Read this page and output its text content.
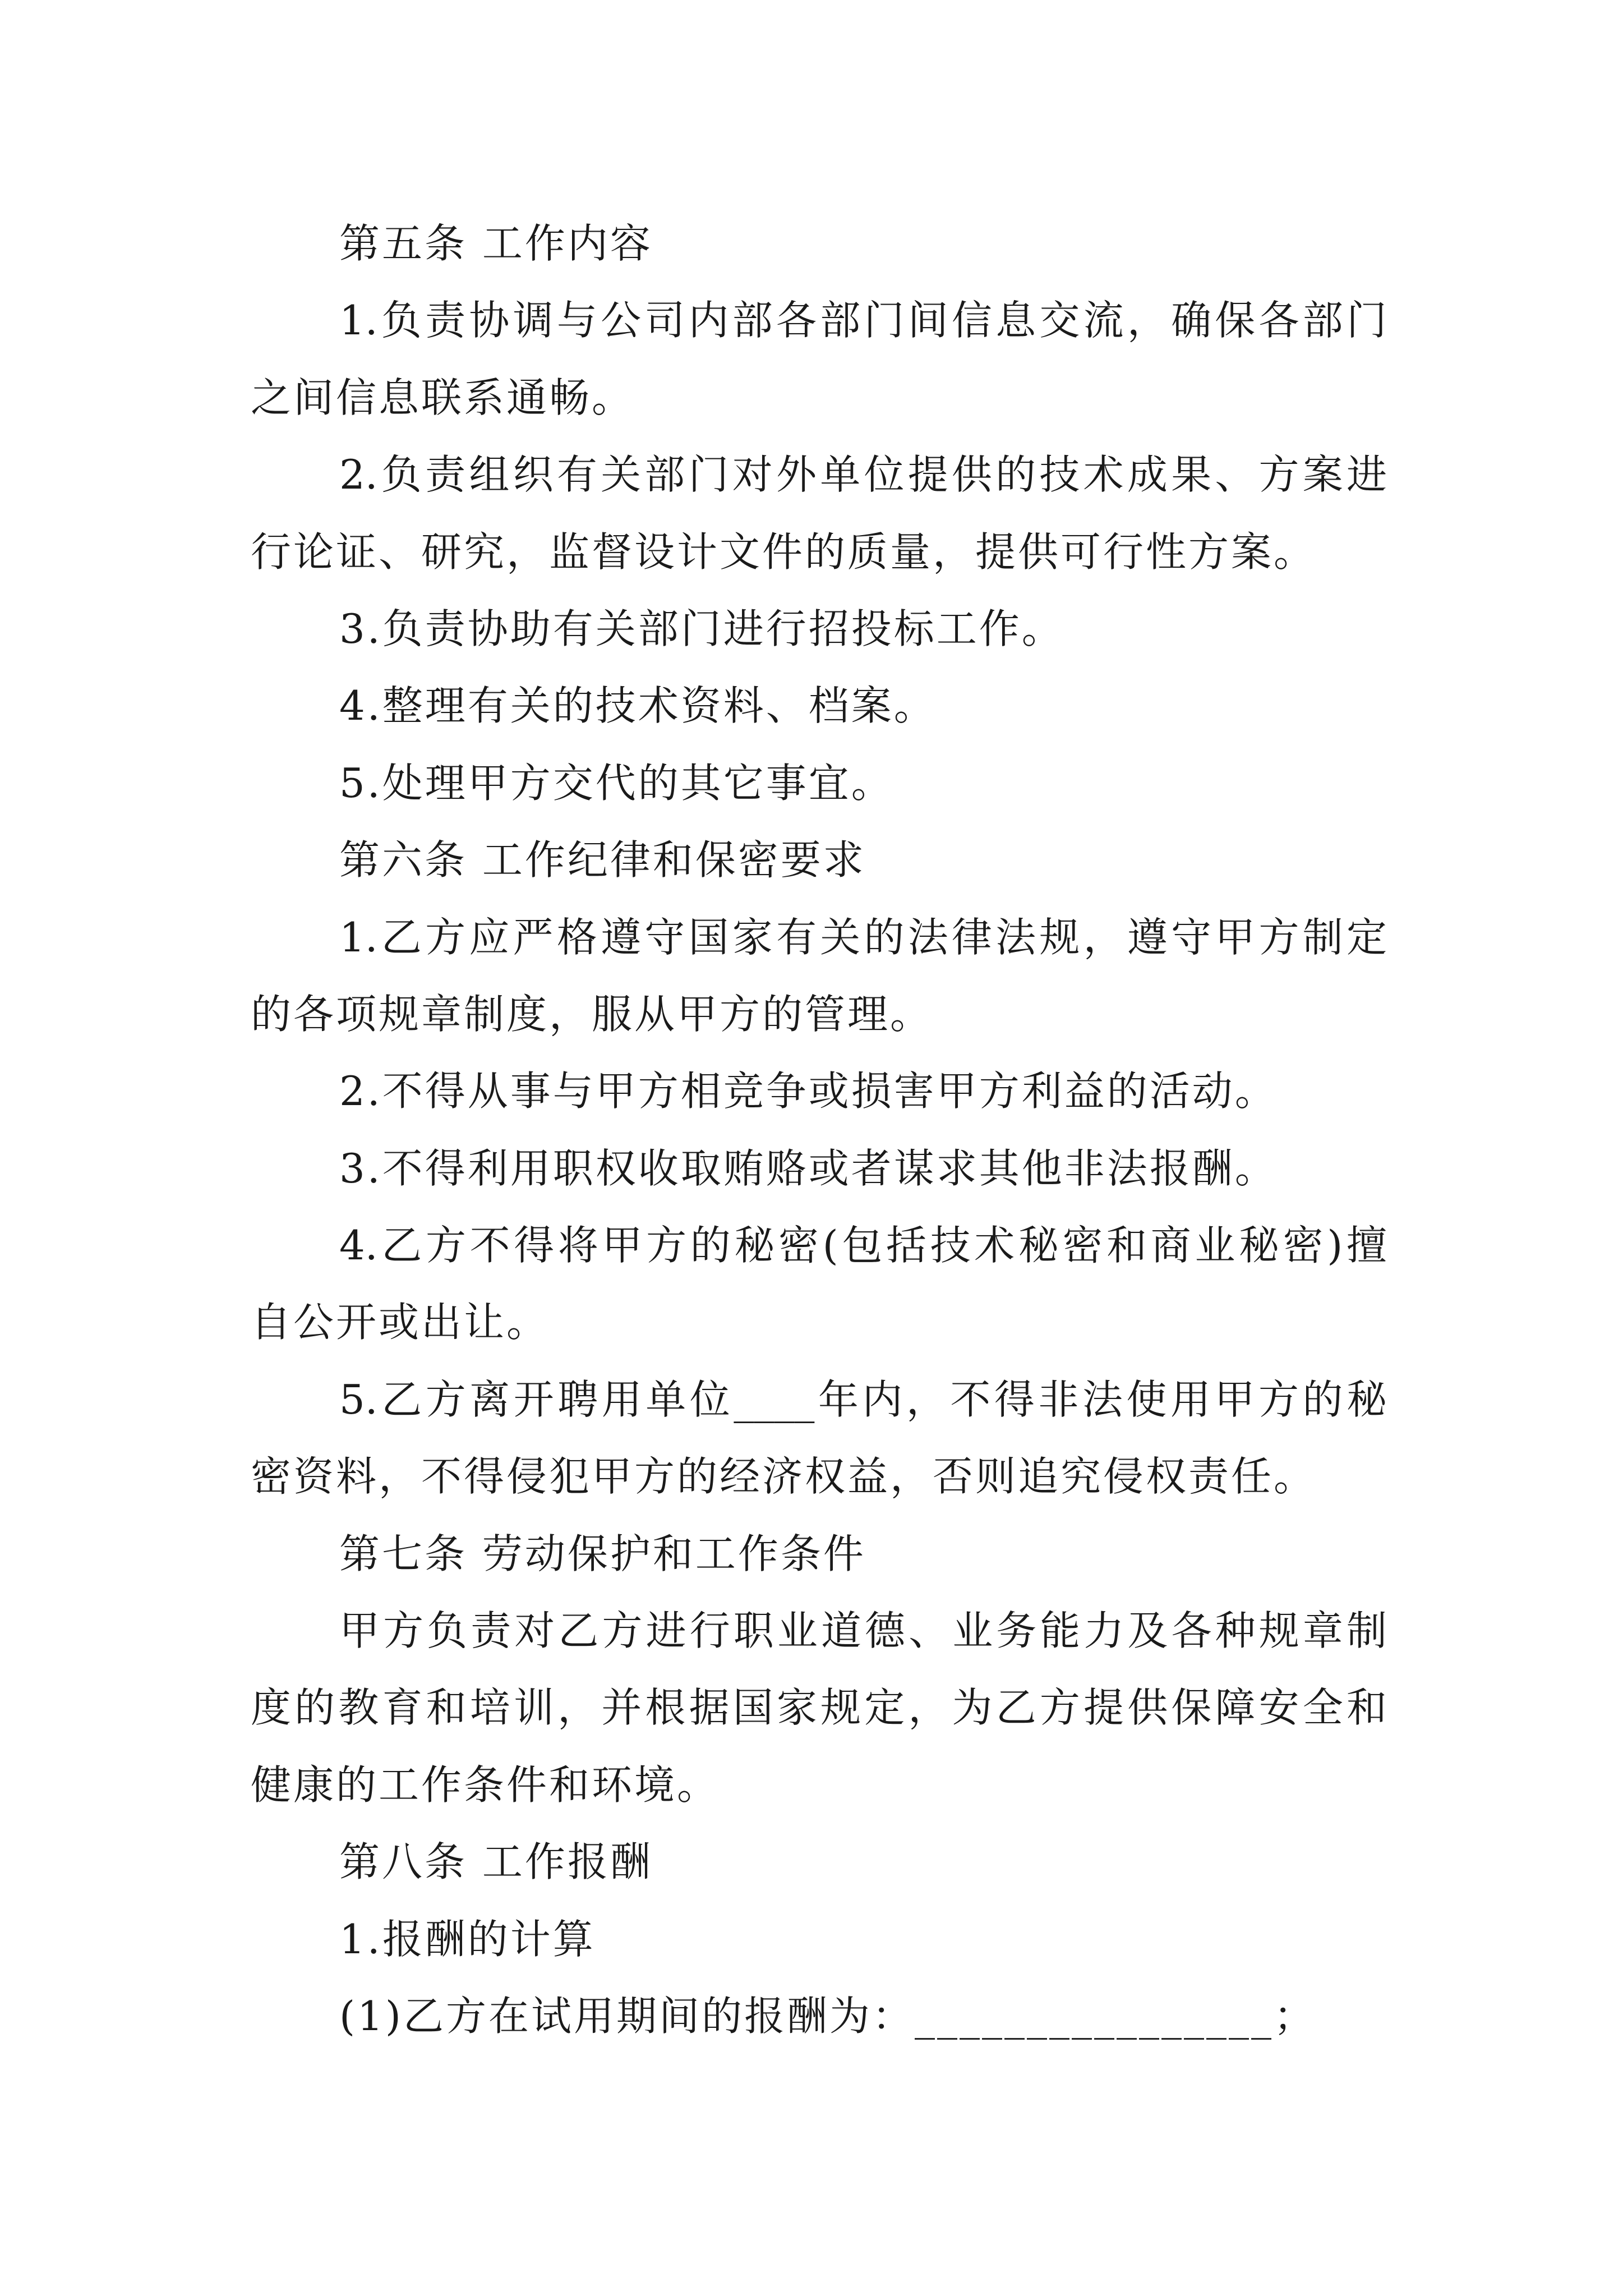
第五条 工作内容
1.负责协调与公司内部各部门间信息交流，确保各部门
之间信息联系通畅。
2.负责组织有关部门对外单位提供的技术成果、方案进
行论证、研究，监督设计文件的质量，提供可行性方案。
3.负责协助有关部门进行招投标工作。
4.整理有关的技术资料、档案。
5.处理甲方交代的其它事宜。
第六条 工作纪律和保密要求
1.乙方应严格遵守国家有关的法律法规，遵守甲方制定
的各项规章制度，服从甲方的管理。
2.不得从事与甲方相竞争或损害甲方利益的活动。
3.不得利用职权收取贿赂或者谋求其他非法报酬。
4.乙方不得将甲方的秘密(包括技术秘密和商业秘密)擅
自公开或出让。
5.乙方离开聘用单位____年内，不得非法使用甲方的秘
密资料，不得侵犯甲方的经济权益，否则追究侵权责任。
第七条 劳动保护和工作条件
甲方负责对乙方进行职业道德、业务能力及各种规章制
度的教育和培训，并根据国家规定，为乙方提供保障安全和
健康的工作条件和环境。
第八条 工作报酬
1.报酬的计算
(1)乙方在试用期间的报酬为：________________；
